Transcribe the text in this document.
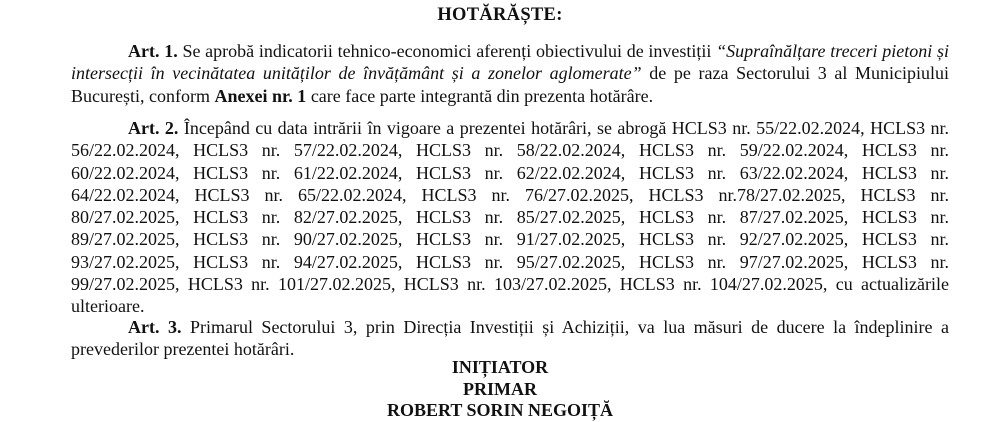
HOTĂRĂȘTE:

Art. 1. Se aprobă indicatorii tehnico-economici aferenți obiectivului de investiții “Supraînălțare treceri pietoni și intersecții în vecinătatea unităților de învățământ și a zonelor aglomerate” de pe raza Sectorului 3 al Municipiului București, conform Anexei nr. 1 care face parte integrantă din prezenta hotărâre.

Art. 2. Începând cu data intrării în vigoare a prezentei hotărâri, se abrogă HCLS3 nr. 55/22.02.2024, HCLS3 nr. 56/22.02.2024, HCLS3 nr. 57/22.02.2024, HCLS3 nr. 58/22.02.2024, HCLS3 nr. 59/22.02.2024, HCLS3 nr. 60/22.02.2024, HCLS3 nr. 61/22.02.2024, HCLS3 nr. 62/22.02.2024, HCLS3 nr. 63/22.02.2024, HCLS3 nr. 64/22.02.2024, HCLS3 nr. 65/22.02.2024, HCLS3 nr. 76/27.02.2025, HCLS3 nr.78/27.02.2025, HCLS3 nr. 80/27.02.2025, HCLS3 nr. 82/27.02.2025, HCLS3 nr. 85/27.02.2025, HCLS3 nr. 87/27.02.2025, HCLS3 nr. 89/27.02.2025, HCLS3 nr. 90/27.02.2025, HCLS3 nr. 91/27.02.2025, HCLS3 nr. 92/27.02.2025, HCLS3 nr. 93/27.02.2025, HCLS3 nr. 94/27.02.2025, HCLS3 nr. 95/27.02.2025, HCLS3 nr. 97/27.02.2025, HCLS3 nr. 99/27.02.2025, HCLS3 nr. 101/27.02.2025, HCLS3 nr. 103/27.02.2025, HCLS3 nr. 104/27.02.2025, cu actualizările ulterioare.

Art. 3. Primarul Sectorului 3, prin Direcția Investiții și Achiziții, va lua măsuri de ducere la îndeplinire a prevederilor prezentei hotărâri.

INIȚIATOR
PRIMAR
ROBERT SORIN NEGOIȚĂ
